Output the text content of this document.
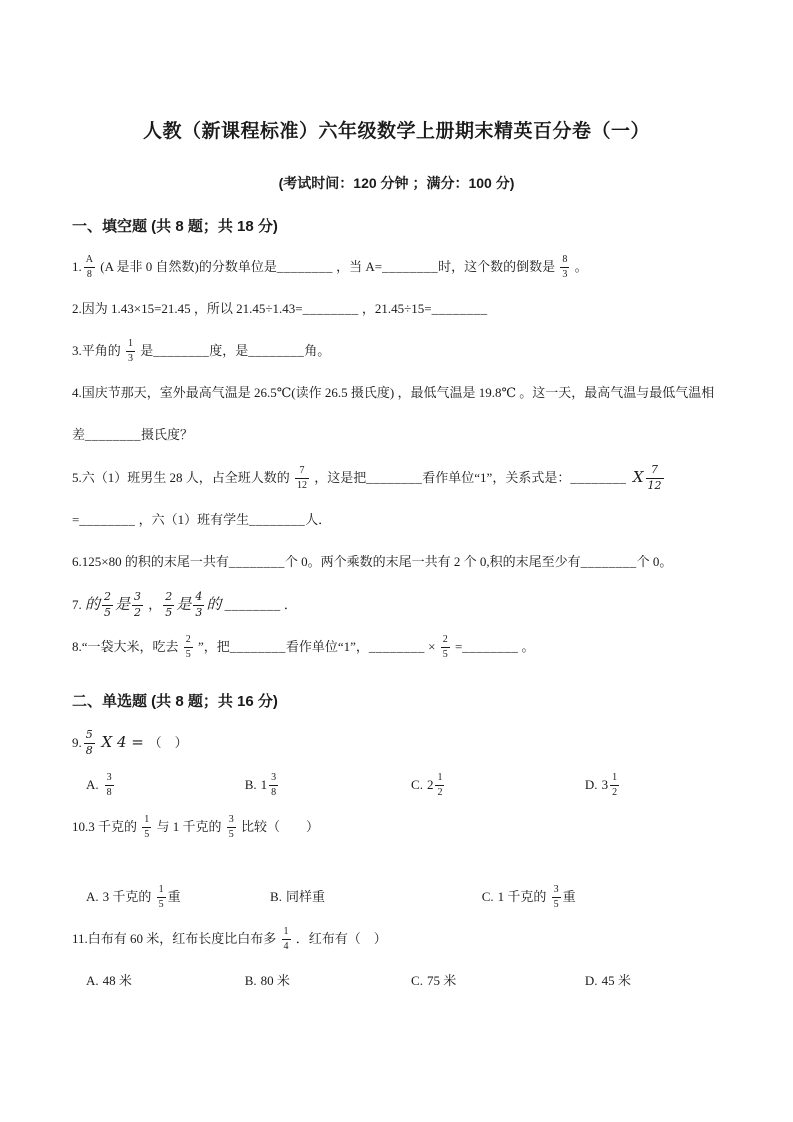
人教（新课程标准）六年级数学上册期末精英百分卷（一）
(考试时间：120 分钟 ；满分：100 分)
一、填空题 (共 8 题；共 18 分)

1. $\frac{A}{8} (A$ 是非 0 自然数)的分数单位是________ ，当 A=________时，这个数的倒数是 $\frac{8}{3}$ 。

2.因为 1.43×15=21.45 ，所以 21.45÷1.43=________ ，21.45÷15=________

3.平角的 $\frac{1}{3}$ 是________度，是________角。

4.国庆节那天，室外最高气温是 26.5℃(读作 26.5 摄氏度) ，最低气温是 19.8℃ 。这一天，最高气温与最低气温相差________摄氏度？

5.六（1）班男生 28 人，占全班人数的 $\frac{7}{12}$ ，这是把________看作单位“1”，关系式是：________ X $\frac{7}{12}$ =________ ，六（1）班有学生________人．

6.125×80 的积的末尾一共有________个 0。两个乘数的末尾一共有 2 个 0,积的末尾至少有________个 0。

7. 的 $\frac{2}{5}$ 是 $\frac{3}{2}$ ， $\frac{2}{5}$ 是 $\frac{4}{3}$ 的 ________ ．

8.“一袋大米，吃去 $\frac{2}{5}$ ”，把________看作单位“1”，________ × $\frac{2}{5}$ =________ 。

二、单选题 (共 8 题；共 16 分)

9. $\frac{5}{8}$ X 4 = （　）

A. $\frac{3}{8}$	B. $1 \frac{3}{8}$	C. $2 \frac{1}{2}$	D. $3 \frac{1}{2}$

10.3 千克的 $\frac{1}{5}$ 与 1 千克的 $\frac{3}{5}$ 比较（　　）

A. 3 千克的 $\frac{1}{5}$ 重	B. 同样重	C. 1 千克的 $\frac{3}{5}$ 重

11.白布有 60 米，红布长度比白布多 $\frac{1}{4}$ ．红布有（　）

A. 48 米	B. 80 米	C. 75 米	D. 45 米
